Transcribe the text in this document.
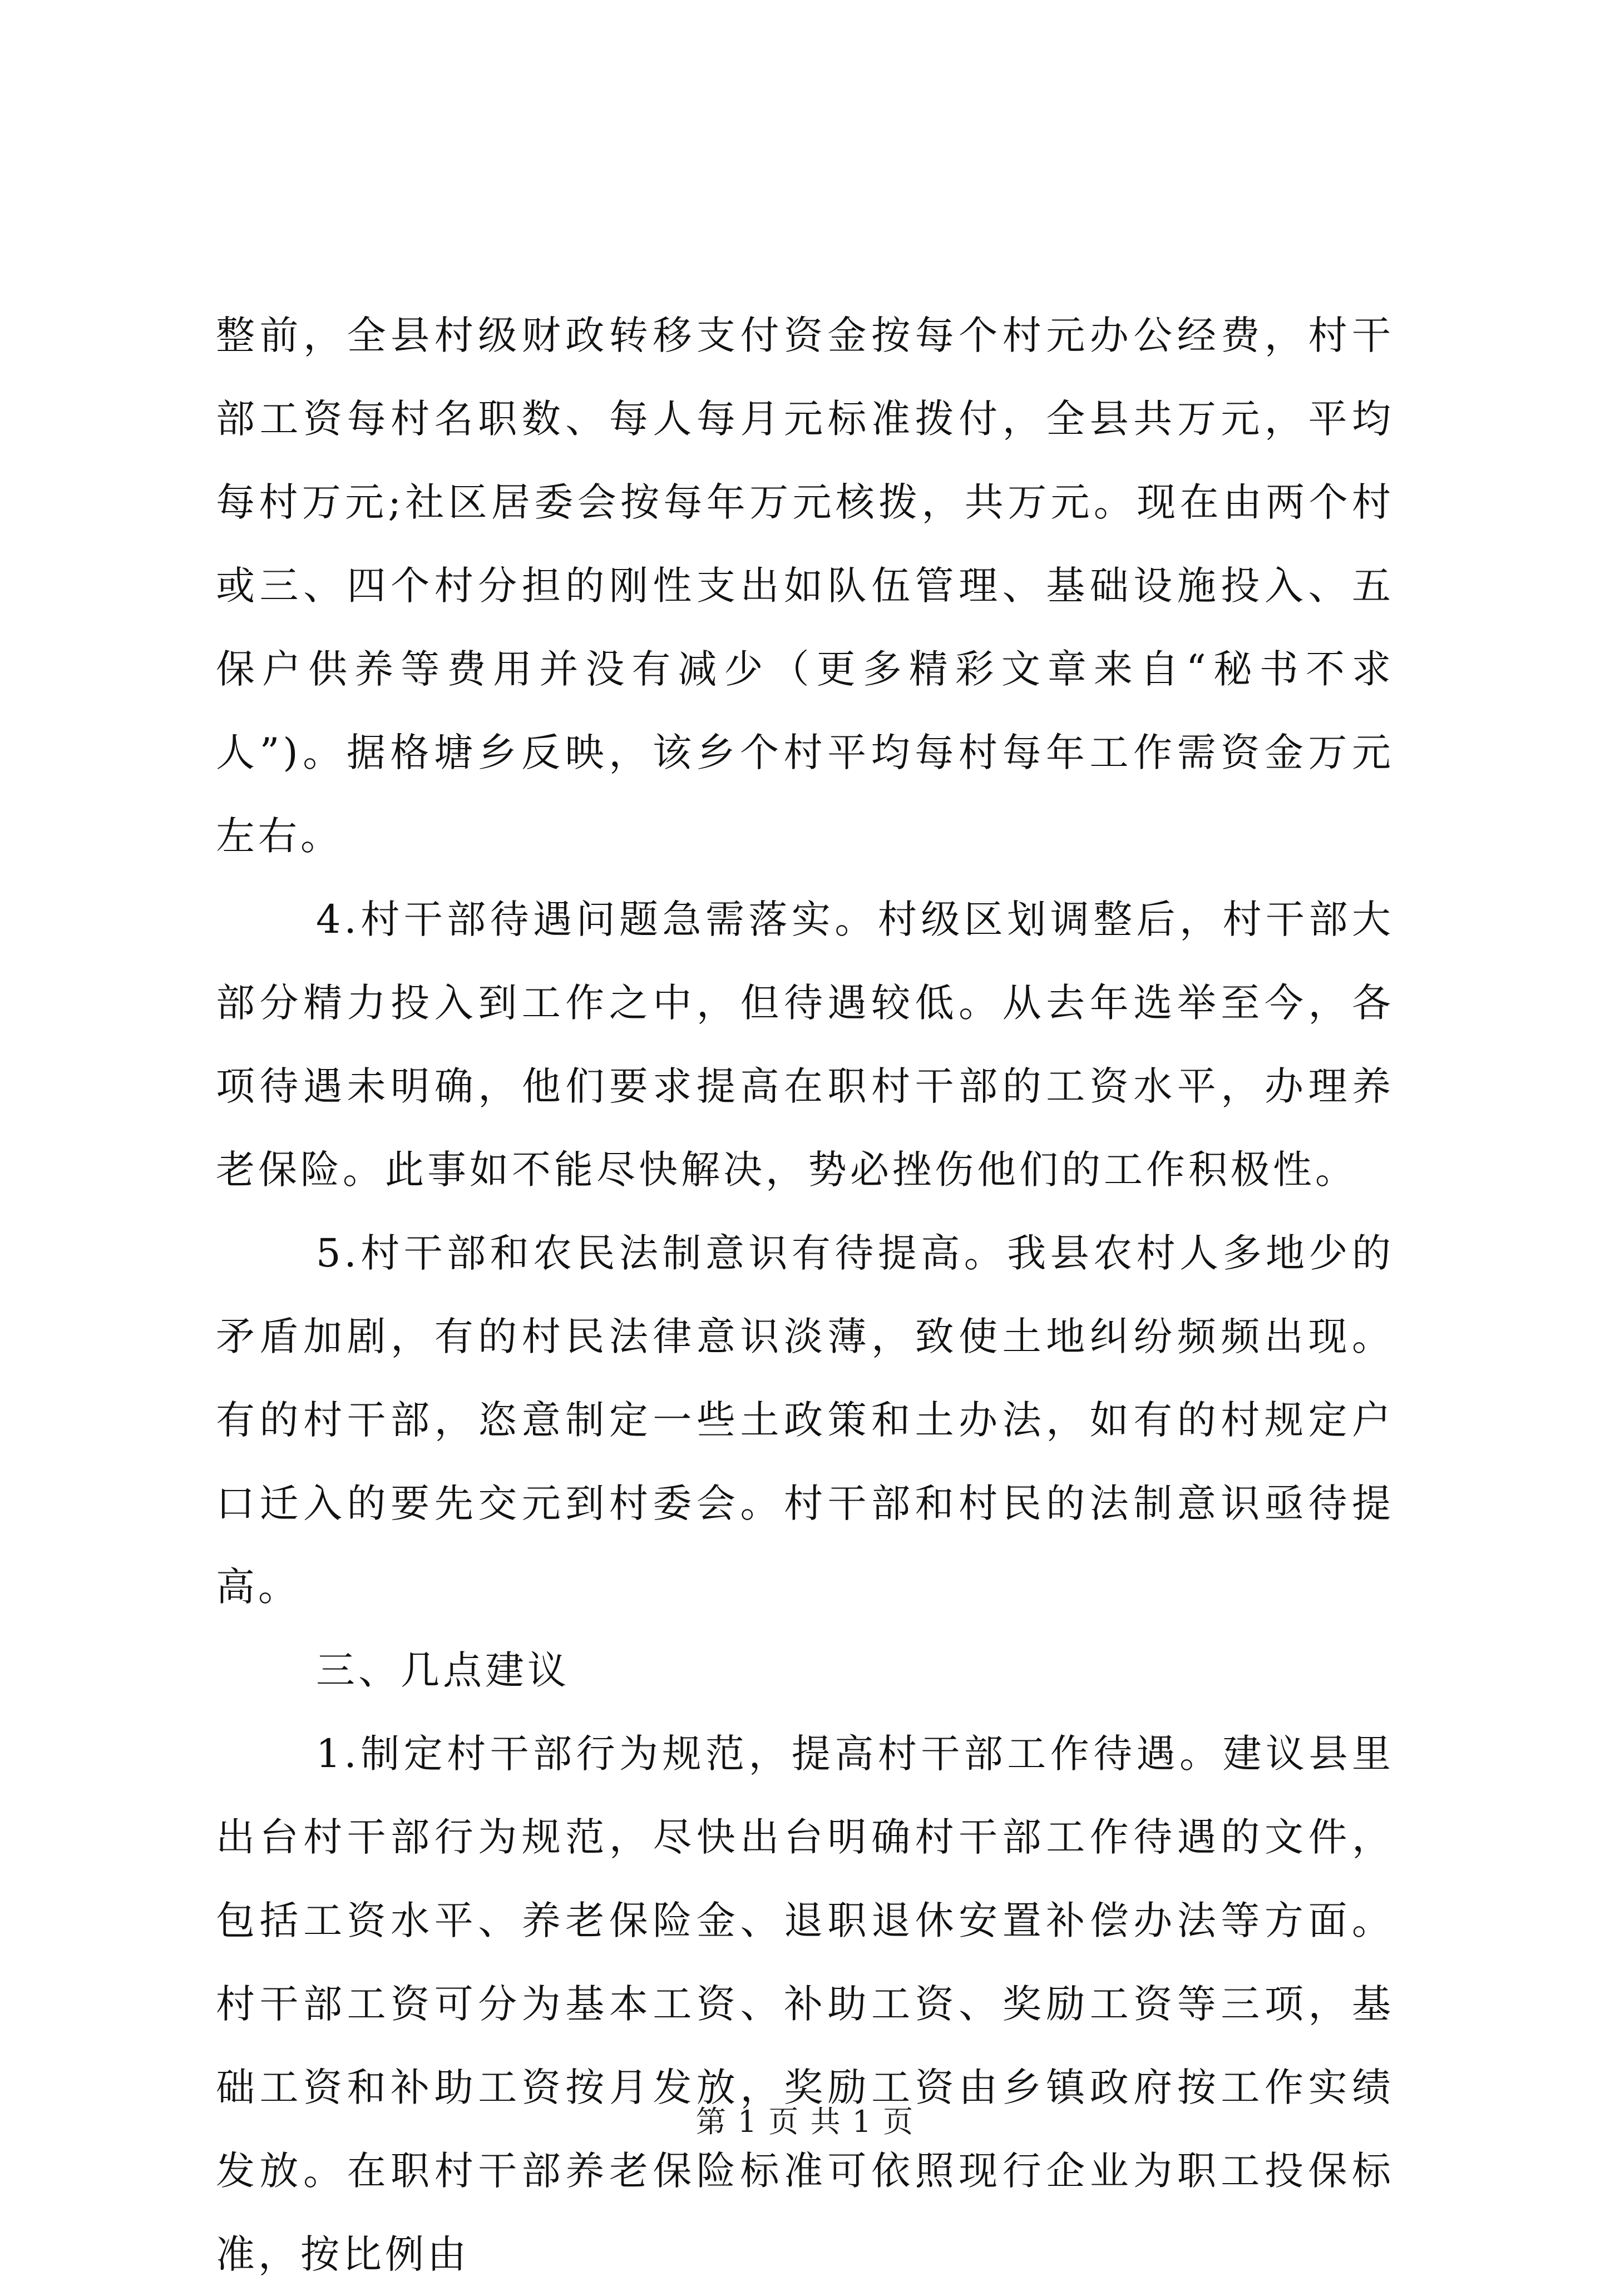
整前，全县村级财政转移支付资金按每个村元办公经费，村干部工资每村名职数、每人每月元标准拨付，全县共万元，平均每村万元;社区居委会按每年万元核拨，共万元。现在由两个村或三、四个村分担的刚性支出如队伍管理、基础设施投入、五保户供养等费用并没有减少（更多精彩文章来自“秘书不求人”)。据格塘乡反映，该乡个村平均每村每年工作需资金万元左右。

4.村干部待遇问题急需落实。村级区划调整后，村干部大部分精力投入到工作之中，但待遇较低。从去年选举至今，各项待遇未明确，他们要求提高在职村干部的工资水平，办理养老保险。此事如不能尽快解决，势必挫伤他们的工作积极性。

5.村干部和农民法制意识有待提高。我县农村人多地少的矛盾加剧，有的村民法律意识淡薄，致使土地纠纷频频出现。有的村干部，恣意制定一些土政策和土办法，如有的村规定户口迁入的要先交元到村委会。村干部和村民的法制意识亟待提高。

三、几点建议

1.制定村干部行为规范，提高村干部工作待遇。建议县里出台村干部行为规范，尽快出台明确村干部工作待遇的文件，包括工资水平、养老保险金、退职退休安置补偿办法等方面。村干部工资可分为基本工资、补助工资、奖励工资等三项，基础工资和补助工资按月发放，奖励工资由乡镇政府按工作实绩发放。在职村干部养老保险标准可依照现行企业为职工投保标准，按比例由

第 1 页 共 1 页
